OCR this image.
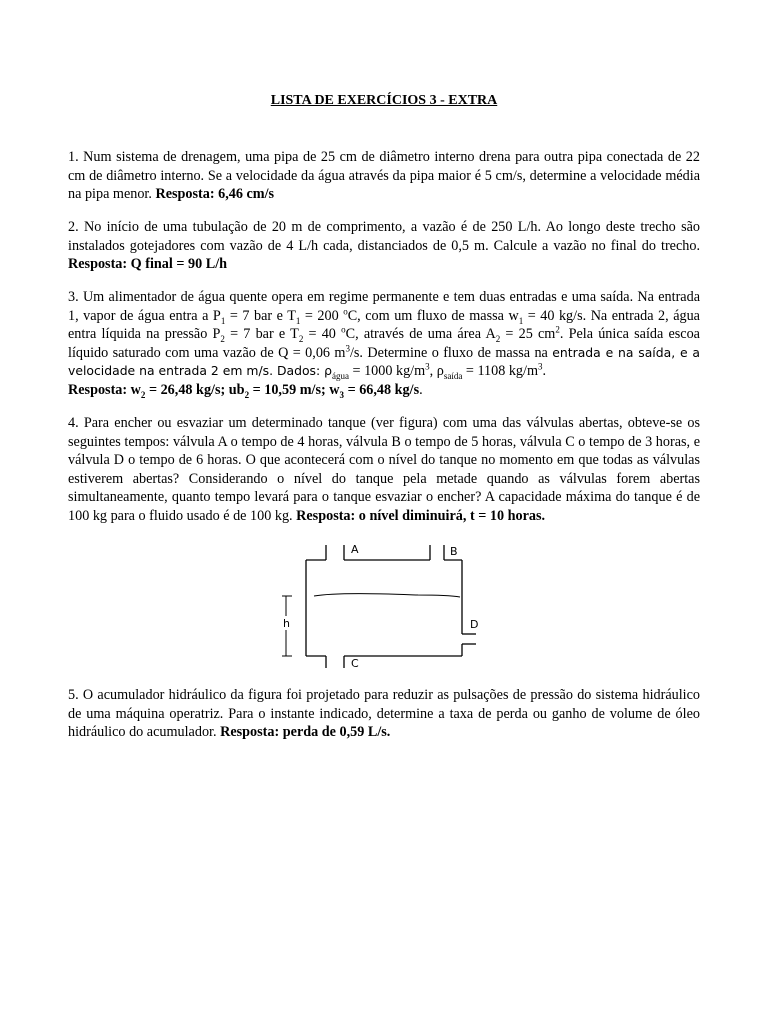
LISTA DE EXERCÍCIOS 3 - EXTRA
1. Num sistema de drenagem, uma pipa de 25 cm de diâmetro interno drena para outra pipa conectada de 22 cm de diâmetro interno. Se a velocidade da água através da pipa maior é 5 cm/s, determine a velocidade média na pipa menor. Resposta: 6,46 cm/s
2. No início de uma tubulação de 20 m de comprimento, a vazão é de 250 L/h. Ao longo deste trecho são instalados gotejadores com vazão de 4 L/h cada, distanciados de 0,5 m. Calcule a vazão no final do trecho. Resposta: Q final = 90 L/h
3. Um alimentador de água quente opera em regime permanente e tem duas entradas e uma saída. Na entrada 1, vapor de água entra a $P_1 = 7$ bar e $T_1 = 200$ $^o$C, com um fluxo de massa $w_1 = 40$ kg/s. Na entrada 2, água entra líquida na pressão $P_2 = 7$ bar e $T_2 = 40$ $^o$C, através de uma área $A_2 = 25$ $cm^2$. Pela única saída escoa líquido saturado com uma vazão de Q = 0,06 $m^3/s$. Determine o fluxo de massa na entrada e na saída, e a velocidade na entrada 2 em m/s. Dados: $\rho_{água} = 1000$ $kg/m^3$, $\rho_{saída} = 1108$ $kg/m^3$.
Resposta: $w_2 = 26,48$ kg/s; $ub_2 = 10,59$ m/s; $w_3 = 66,48$ kg/s.
4. Para encher ou esvaziar um determinado tanque (ver figura) com uma das válvulas abertas, obteve-se os seguintes tempos: válvula A o tempo de 4 horas, válvula B o tempo de 5 horas, válvula C o tempo de 3 horas, e válvula D o tempo de 6 horas. O que acontecerá com o nível do tanque no momento em que todas as válvulas estiverem abertas? Considerando o nível do tanque pela metade quando as válvulas forem abertas simultaneamente, quanto tempo levará para o tanque esvaziar o encher? A capacidade máxima do tanque é de 100 kg para o fluido usado é de 100 kg. Resposta: o nível diminuirá, t = 10 horas.
h
A	B
C
D
5. O acumulador hidráulico da figura foi projetado para reduzir as pulsações de pressão do sistema hidráulico de uma máquina operatriz. Para o instante indicado, determine a taxa de perda ou ganho de volume de óleo hidráulico do acumulador. Resposta: perda de 0,59 L/s.
